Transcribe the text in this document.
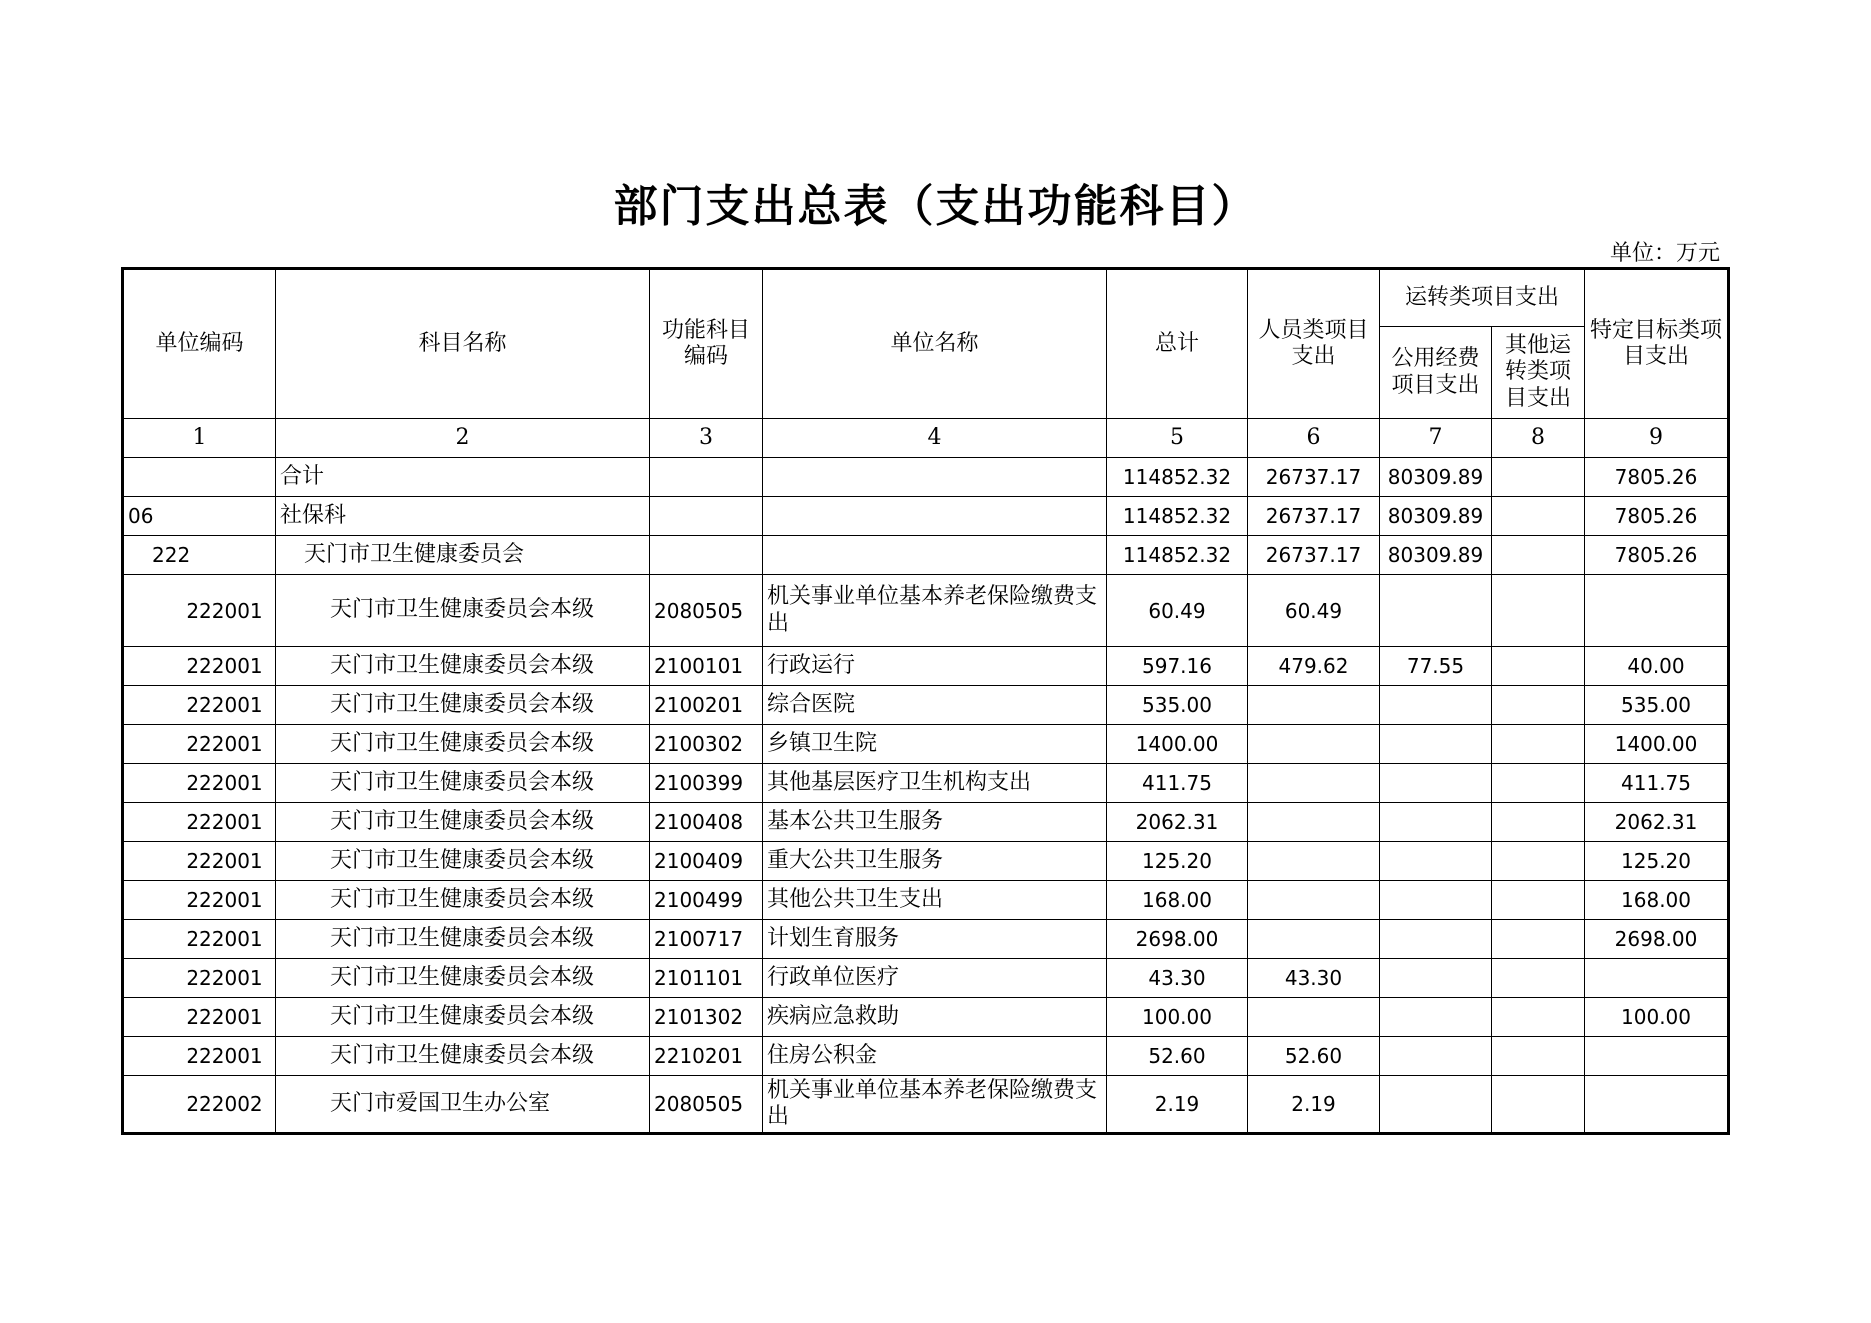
部门支出总表（支出功能科目）
单位：万元
单位编码	科目名称	功能科目编码	单位名称	总计	人员类项目支出	运转类项目支出		特定目标类项目支出
						公用经费项目支出	其他运转类项目支出	
1	2	3	4	5	6	7	8	9
	合计			114852.32	26737.17	80309.89		7805.26
06	社保科			114852.32	26737.17	80309.89		7805.26
222	天门市卫生健康委员会			114852.32	26737.17	80309.89		7805.26
222001	天门市卫生健康委员会本级	2080505	机关事业单位基本养老保险缴费支出	60.49	60.49			
222001	天门市卫生健康委员会本级	2100101	行政运行	597.16	479.62	77.55		40.00
222001	天门市卫生健康委员会本级	2100201	综合医院	535.00				535.00
222001	天门市卫生健康委员会本级	2100302	乡镇卫生院	1400.00				1400.00
222001	天门市卫生健康委员会本级	2100399	其他基层医疗卫生机构支出	411.75				411.75
222001	天门市卫生健康委员会本级	2100408	基本公共卫生服务	2062.31				2062.31
222001	天门市卫生健康委员会本级	2100409	重大公共卫生服务	125.20				125.20
222001	天门市卫生健康委员会本级	2100499	其他公共卫生支出	168.00				168.00
222001	天门市卫生健康委员会本级	2100717	计划生育服务	2698.00				2698.00
222001	天门市卫生健康委员会本级	2101101	行政单位医疗	43.30	43.30			
222001	天门市卫生健康委员会本级	2101302	疾病应急救助	100.00				100.00
222001	天门市卫生健康委员会本级	2210201	住房公积金	52.60	52.60			
222002	天门市爱国卫生办公室	2080505	机关事业单位基本养老保险缴费支出	2.19	2.19			
